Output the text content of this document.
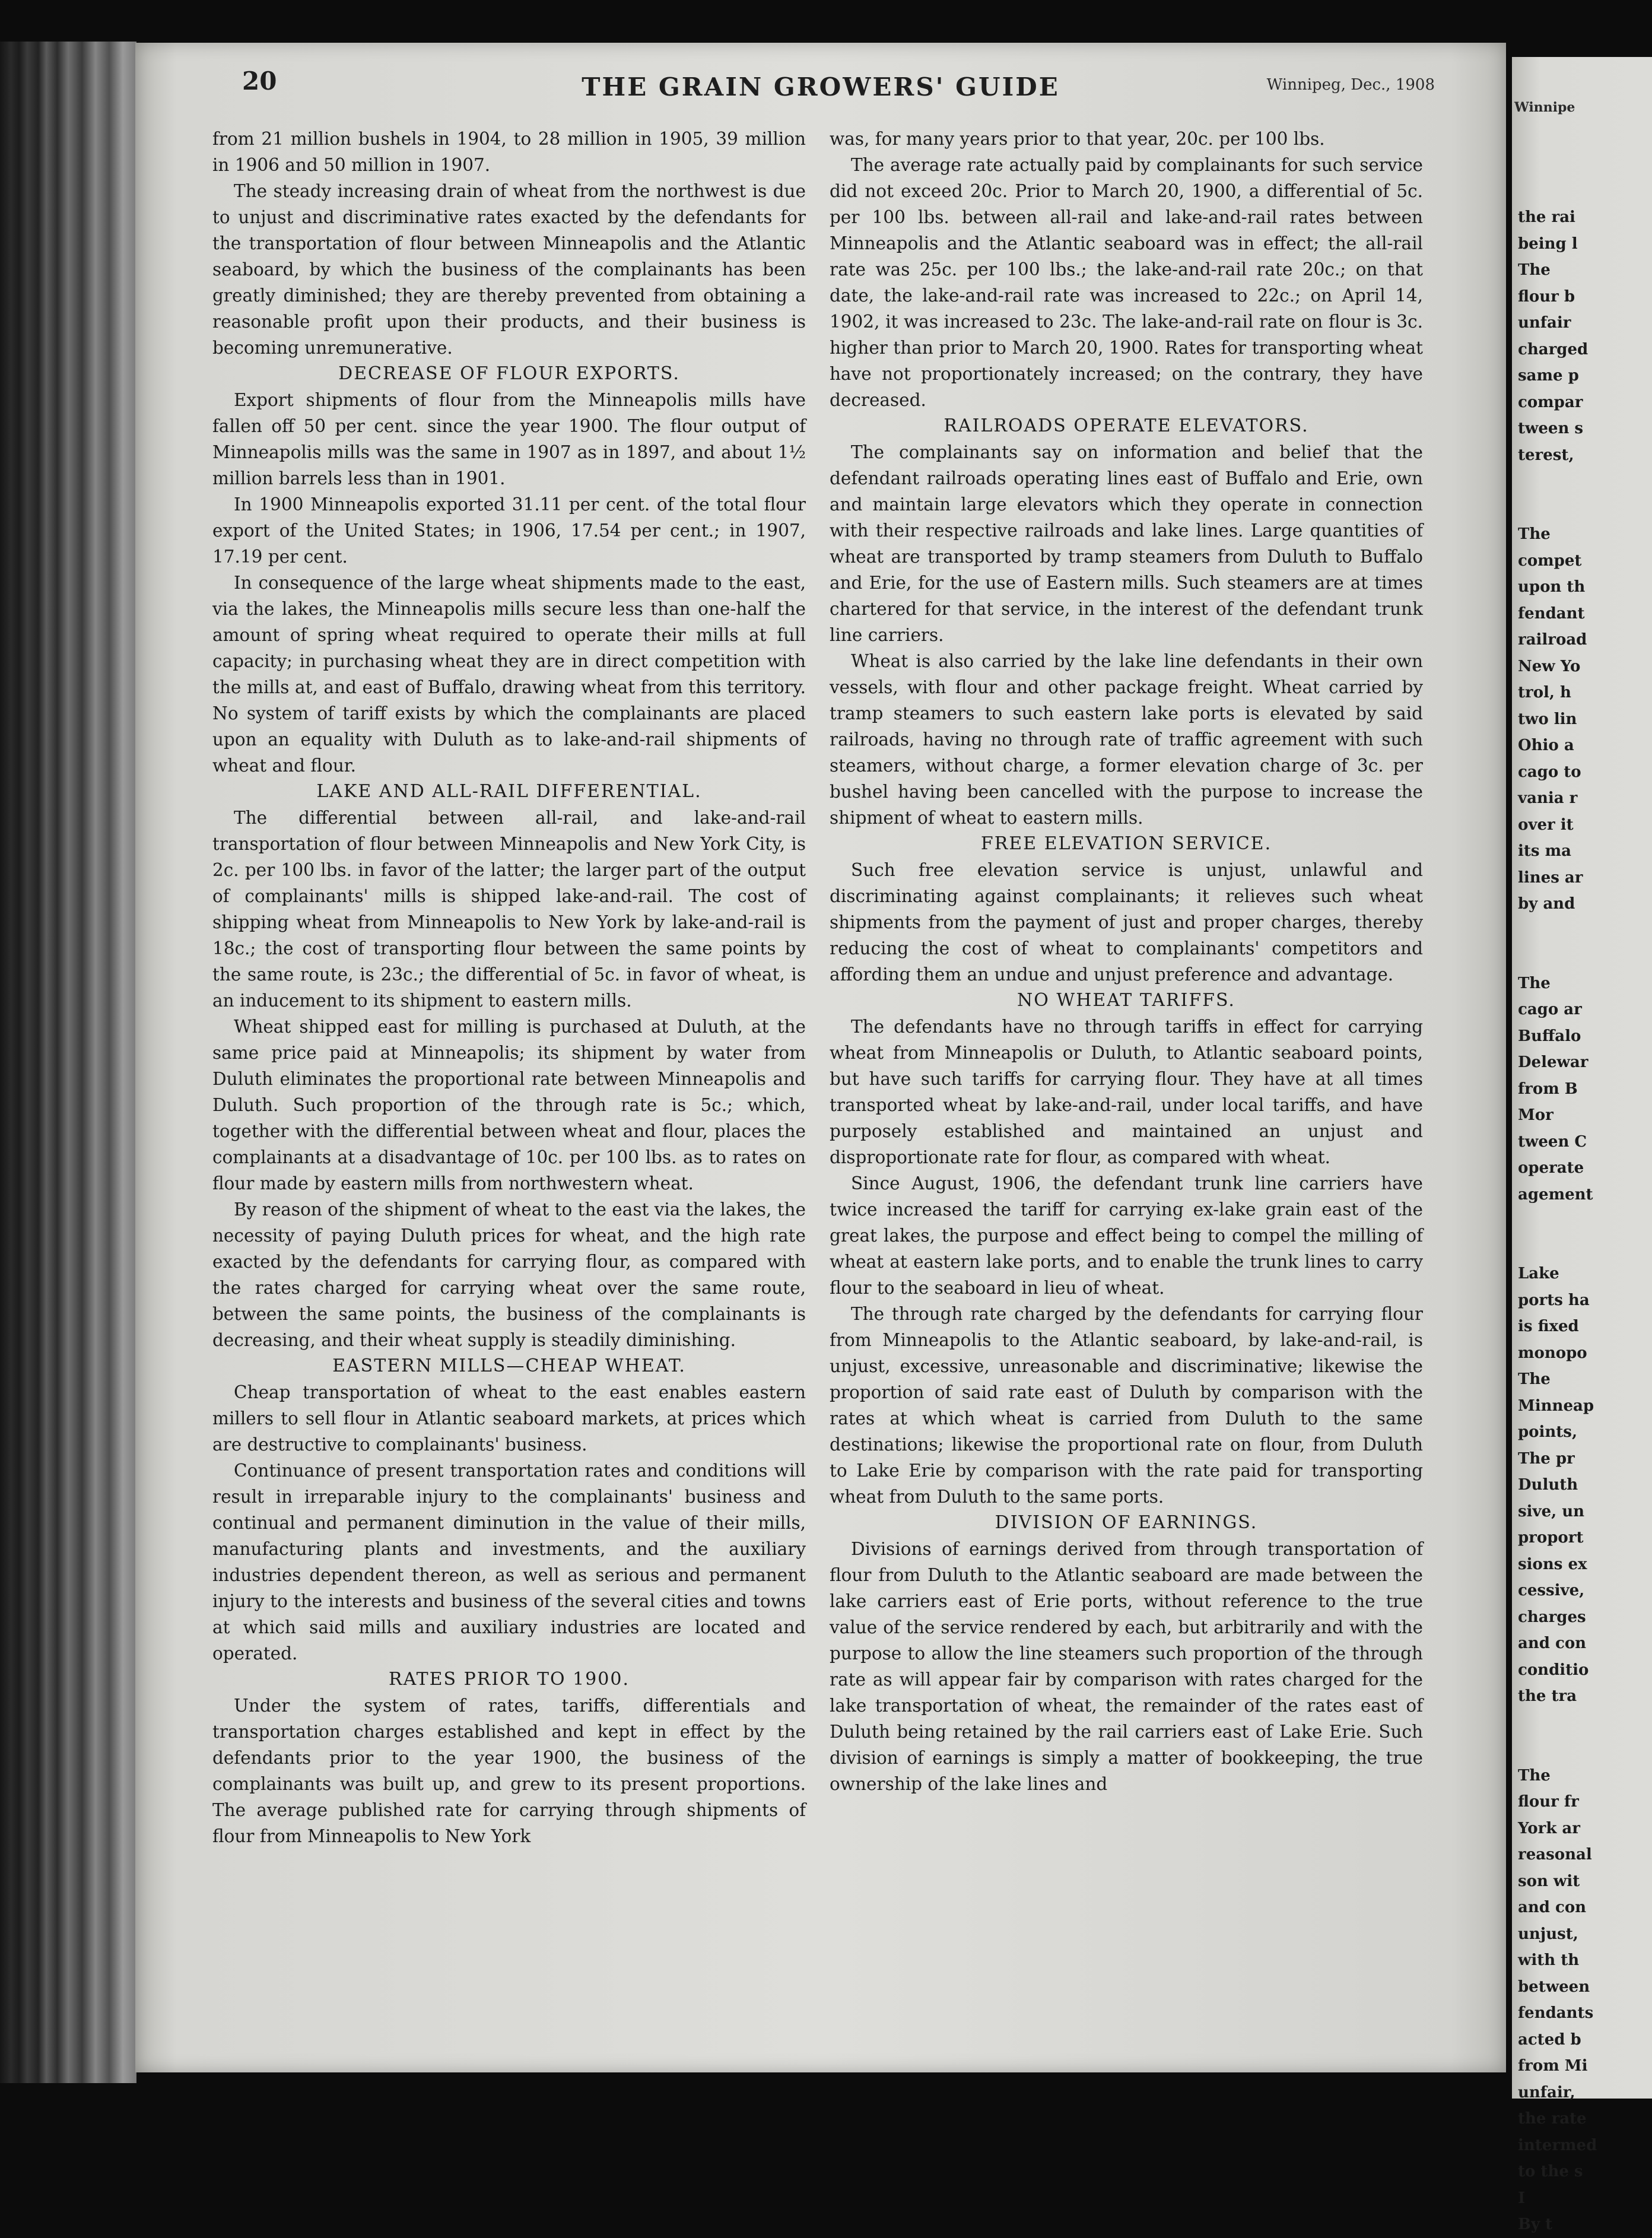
20	THE GRAIN GROWERS' GUIDE	Winnipeg, Dec., 1908

from 21 million bushels in 1904, to 28 million in 1905, 39 million in 1906 and 50 million in 1907.

The steady increasing drain of wheat from the northwest is due to unjust and discriminative rates exacted by the defendants for the transportation of flour between Minneapolis and the Atlantic seaboard, by which the business of the complainants has been greatly diminished; they are thereby prevented from obtaining a reasonable profit upon their products, and their business is becoming unremunerative.

DECREASE OF FLOUR EXPORTS.

Export shipments of flour from the Minneapolis mills have fallen off 50 per cent. since the year 1900. The flour output of Minneapolis mills was the same in 1907 as in 1897, and about 1½ million barrels less than in 1901.

In 1900 Minneapolis exported 31.11 per cent. of the total flour export of the United States; in 1906, 17.54 per cent.; in 1907, 17.19 per cent.

In consequence of the large wheat shipments made to the east, via the lakes, the Minneapolis mills secure less than one-half the amount of spring wheat required to operate their mills at full capacity; in purchasing wheat they are in direct competition with the mills at, and east of Buffalo, drawing wheat from this territory. No system of tariff exists by which the complainants are placed upon an equality with Duluth as to lake-and-rail shipments of wheat and flour.

LAKE AND ALL-RAIL DIFFERENTIAL.

The differential between all-rail, and lake-and-rail transportation of flour between Minneapolis and New York City, is 2c. per 100 lbs. in favor of the latter; the larger part of the output of complainants' mills is shipped lake-and-rail. The cost of shipping wheat from Minneapolis to New York by lake-and-rail is 18c.; the cost of transporting flour between the same points by the same route, is 23c.; the differential of 5c. in favor of wheat, is an inducement to its shipment to eastern mills.

Wheat shipped east for milling is purchased at Duluth, at the same price paid at Minneapolis; its shipment by water from Duluth eliminates the proportional rate between Minneapolis and Duluth. Such proportion of the through rate is 5c.; which, together with the differential between wheat and flour, places the complainants at a disadvantage of 10c. per 100 lbs. as to rates on flour made by eastern mills from northwestern wheat.

By reason of the shipment of wheat to the east via the lakes, the necessity of paying Duluth prices for wheat, and the high rate exacted by the defendants for carrying flour, as compared with the rates charged for carrying wheat over the same route, between the same points, the business of the complainants is decreasing, and their wheat supply is steadily diminishing.

EASTERN MILLS—CHEAP WHEAT.

Cheap transportation of wheat to the east enables eastern millers to sell flour in Atlantic seaboard markets, at prices which are destructive to complainants' business.

Continuance of present transportation rates and conditions will result in irreparable injury to the complainants' business and continual and permanent diminution in the value of their mills, manufacturing plants and investments, and the auxiliary industries dependent thereon, as well as serious and permanent injury to the interests and business of the several cities and towns at which said mills and auxiliary industries are located and operated.

RATES PRIOR TO 1900.

Under the system of rates, tariffs, differentials and transportation charges established and kept in effect by the defendants prior to the year 1900, the business of the complainants was built up, and grew to its present proportions. The average published rate for carrying through shipments of flour from Minneapolis to New York

was, for many years prior to that year, 20c. per 100 lbs.

The average rate actually paid by complainants for such service did not exceed 20c. Prior to March 20, 1900, a differential of 5c. per 100 lbs. between all-rail and lake-and-rail rates between Minneapolis and the Atlantic seaboard was in effect; the all-rail rate was 25c. per 100 lbs.; the lake-and-rail rate 20c.; on that date, the lake-and-rail rate was increased to 22c.; on April 14, 1902, it was increased to 23c. The lake-and-rail rate on flour is 3c. higher than prior to March 20, 1900. Rates for transporting wheat have not proportionately increased; on the contrary, they have decreased.

RAILROADS OPERATE ELEVATORS.

The complainants say on information and belief that the defendant railroads operating lines east of Buffalo and Erie, own and maintain large elevators which they operate in connection with their respective railroads and lake lines. Large quantities of wheat are transported by tramp steamers from Duluth to Buffalo and Erie, for the use of Eastern mills. Such steamers are at times chartered for that service, in the interest of the defendant trunk line carriers.

Wheat is also carried by the lake line defendants in their own vessels, with flour and other package freight. Wheat carried by tramp steamers to such eastern lake ports is elevated by said railroads, having no through rate of traffic agreement with such steamers, without charge, a former elevation charge of 3c. per bushel having been cancelled with the purpose to increase the shipment of wheat to eastern mills.

FREE ELEVATION SERVICE.

Such free elevation service is unjust, unlawful and discriminating against complainants; it relieves such wheat shipments from the payment of just and proper charges, thereby reducing the cost of wheat to complainants' competitors and affording them an undue and unjust preference and advantage.

NO WHEAT TARIFFS.

The defendants have no through tariffs in effect for carrying wheat from Minneapolis or Duluth, to Atlantic seaboard points, but have such tariffs for carrying flour. They have at all times transported wheat by lake-and-rail, under local tariffs, and have purposely established and maintained an unjust and disproportionate rate for flour, as compared with wheat.

Since August, 1906, the defendant trunk line carriers have twice increased the tariff for carrying ex-lake grain east of the great lakes, the purpose and effect being to compel the milling of wheat at eastern lake ports, and to enable the trunk lines to carry flour to the seaboard in lieu of wheat.

The through rate charged by the defendants for carrying flour from Minneapolis to the Atlantic seaboard, by lake-and-rail, is unjust, excessive, unreasonable and discriminative; likewise the proportion of said rate east of Duluth by comparison with the rates at which wheat is carried from Duluth to the same destinations; likewise the proportional rate on flour, from Duluth to Lake Erie by comparison with the rate paid for transporting wheat from Duluth to the same ports.

DIVISION OF EARNINGS.

Divisions of earnings derived from through transportation of flour from Duluth to the Atlantic seaboard are made between the lake carriers east of Erie ports, without reference to the true value of the service rendered by each, but arbitrarily and with the purpose to allow the line steamers such proportion of the through rate as will appear fair by comparison with rates charged for the lake transportation of wheat, the remainder of the rates east of Duluth being retained by the rail carriers east of Lake Erie. Such division of earnings is simply a matter of bookkeeping, the true ownership of the lake lines and

Winnipe
the rai
being l
The
flour b
unfair
charged
same p
compar
tween s
terest,
The
compet
upon th
fendant
railroad
New Yo
trol, h
two lin
Ohio a
cago to
vania r
over it
its ma
lines ar
by and
The
cago ar
Buffalo
Delewar
from B
Mor
tween C
operate
agement
Lake
ports ha
is fixed
monopo
The
Minneap
points,
The pr
Duluth
sive, un
proport
sions ex
cessive,
charges
and con
conditio
the tra
The
flour fr
York ar
reasonal
son wit
and con
unjust,
with th
between
fendants
acted b
from Mi
unfair,
the rate
intermed
to the s
I
By t
